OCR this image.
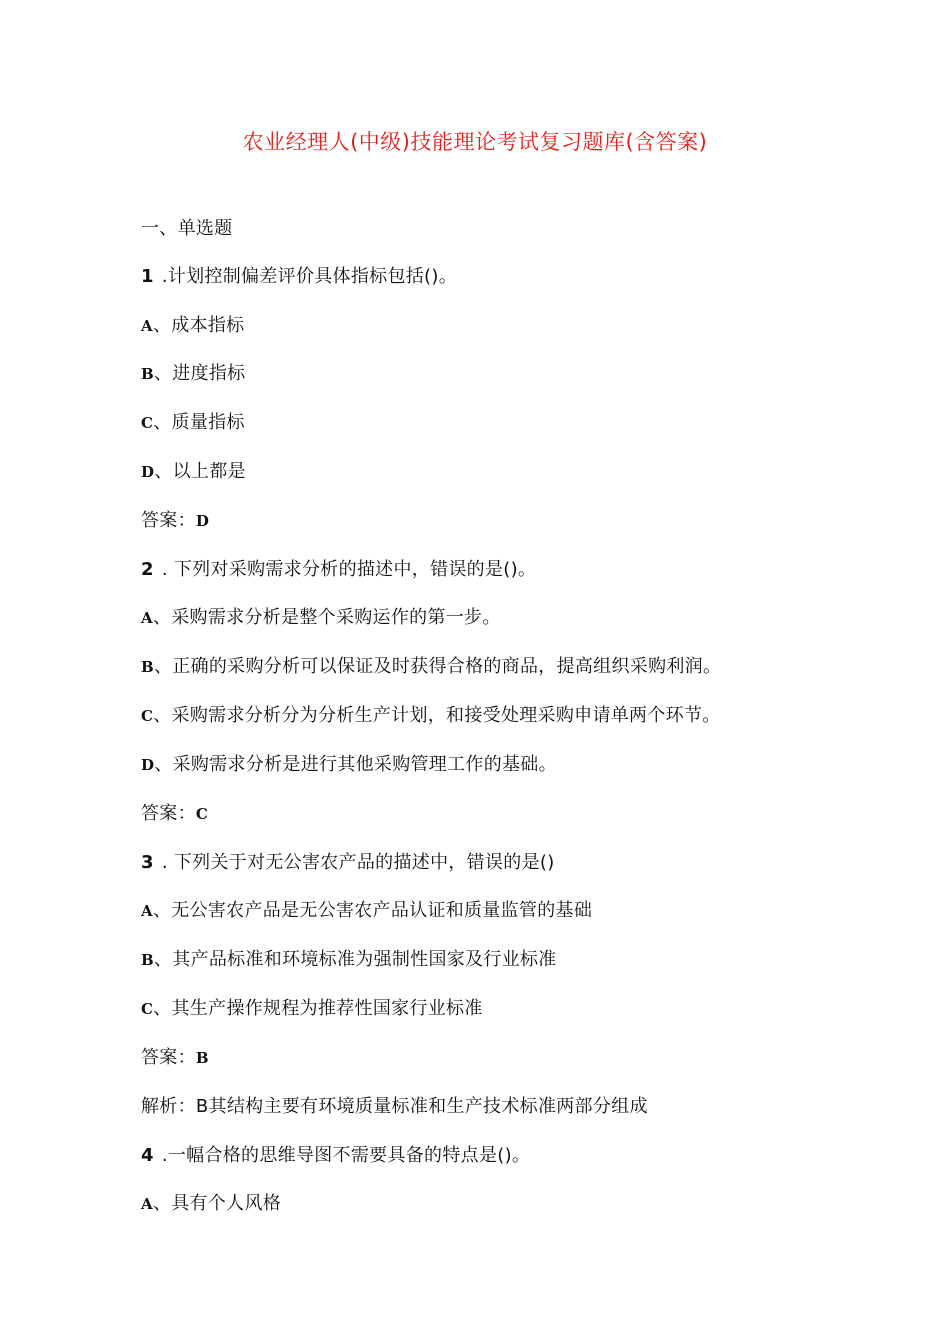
农业经理人(中级)技能理论考试复习题库(含答案)
一、单选题
1 .计划控制偏差评价具体指标包括()。
A、成本指标
B、进度指标
C、质量指标
D、以上都是
答案：D
2 . 下列对采购需求分析的描述中，错误的是()。
A、采购需求分析是整个采购运作的第一步。
B、正确的采购分析可以保证及时获得合格的商品，提高组织采购利润。
C、采购需求分析分为分析生产计划，和接受处理采购申请单两个环节。
D、采购需求分析是进行其他采购管理工作的基础。
答案：C
3 . 下列关于对无公害农产品的描述中，错误的是()
A、无公害农产品是无公害农产品认证和质量监管的基础
B、其产品标准和环境标准为强制性国家及行业标准
C、其生产操作规程为推荐性国家行业标准
答案：B
解析：B其结构主要有环境质量标准和生产技术标准两部分组成
4 .一幅合格的思维导图不需要具备的特点是()。
A、具有个人风格
